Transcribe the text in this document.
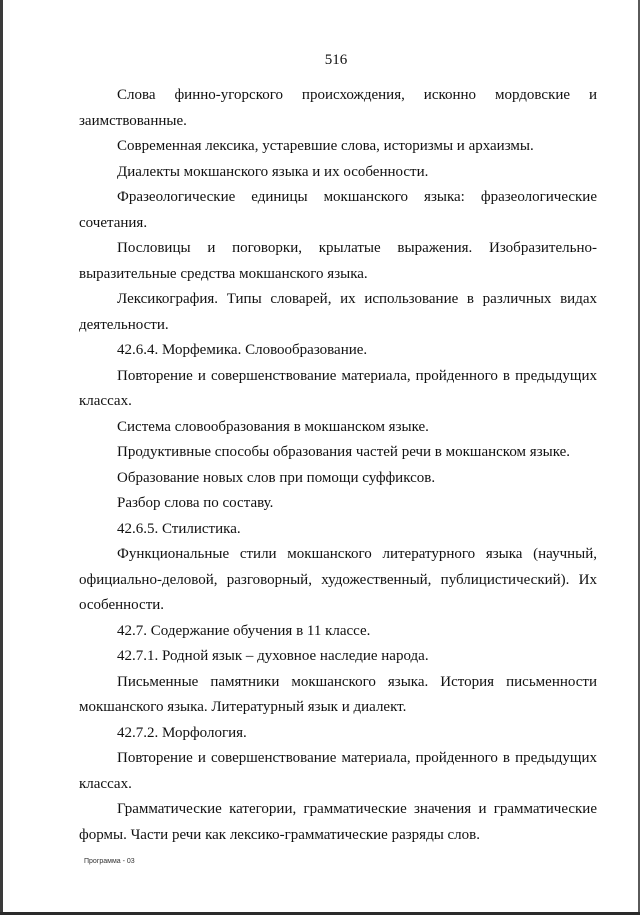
516

Слова финно-угорского происхождения, исконно мордовские и заимствованные.

Современная лексика, устаревшие слова, историзмы и архаизмы.

Диалекты мокшанского языка и их особенности.

Фразеологические единицы мокшанского языка: фразеологические сочетания.

Пословицы и поговорки, крылатые выражения. Изобразительно-выразительные средства мокшанского языка.

Лексикография. Типы словарей, их использование в различных видах деятельности.

42.6.4. Морфемика. Словообразование.

Повторение и совершенствование материала, пройденного в предыдущих классах.

Система словообразования в мокшанском языке.

Продуктивные способы образования частей речи в мокшанском языке.

Образование новых слов при помощи суффиксов.

Разбор слова по составу.

42.6.5. Стилистика.

Функциональные стили мокшанского литературного языка (научный, официально-деловой, разговорный, художественный, публицистический). Их особенности.

42.7. Содержание обучения в 11 классе.

42.7.1. Родной язык – духовное наследие народа.

Письменные памятники мокшанского языка. История письменности мокшанского языка. Литературный язык и диалект.

42.7.2. Морфология.

Повторение и совершенствование материала, пройденного в предыдущих классах.

Грамматические категории, грамматические значения и грамматические формы. Части речи как лексико-грамматические разряды слов.

Программа - 03
